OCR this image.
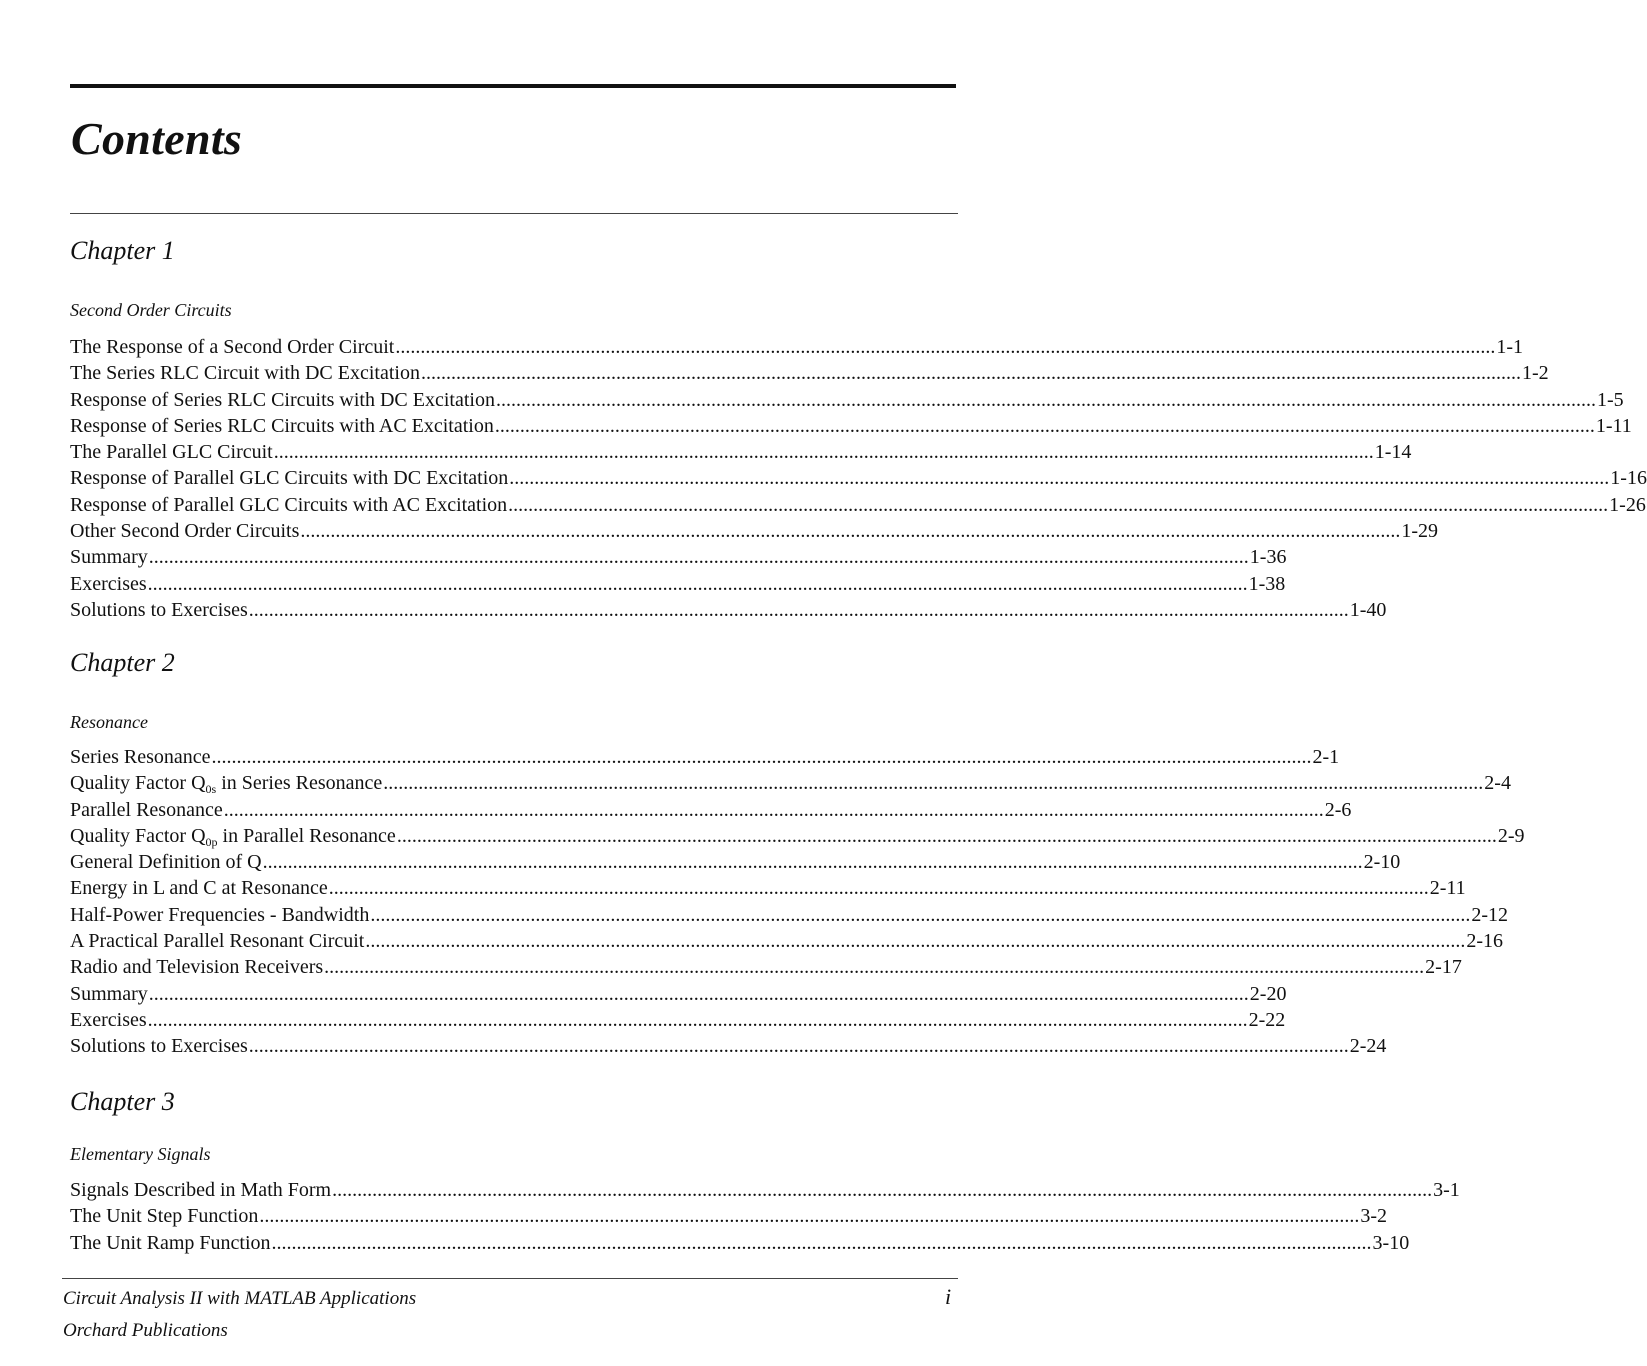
Contents
Chapter 1
Second Order Circuits
The Response of a Second Order Circuit ............................................................................................................................................................................................................................ 1-1
The Series RLC Circuit with DC Excitation ............................................................................................................................................................................................................................ 1-2
Response of Series RLC Circuits with DC Excitation ............................................................................................................................................................................................................................ 1-5
Response of Series RLC Circuits with AC Excitation ............................................................................................................................................................................................................................ 1-11
The Parallel GLC Circuit ............................................................................................................................................................................................................................ 1-14
Response of Parallel GLC Circuits with DC Excitation ............................................................................................................................................................................................................................ 1-16
Response of Parallel GLC Circuits with AC Excitation ............................................................................................................................................................................................................................ 1-26
Other Second Order Circuits ............................................................................................................................................................................................................................ 1-29
Summary ............................................................................................................................................................................................................................ 1-36
Exercises ............................................................................................................................................................................................................................ 1-38
Solutions to Exercises ............................................................................................................................................................................................................................ 1-40
Chapter 2
Resonance
Series Resonance ............................................................................................................................................................................................................................ 2-1
Quality Factor $Q_{0s}$ in Series Resonance ............................................................................................................................................................................................................................ 2-4
Parallel Resonance ............................................................................................................................................................................................................................ 2-6
Quality Factor $Q_{0p}$ in Parallel Resonance ............................................................................................................................................................................................................................ 2-9
General Definition of Q ............................................................................................................................................................................................................................ 2-10
Energy in L and C at Resonance ............................................................................................................................................................................................................................ 2-11
Half-Power Frequencies - Bandwidth ............................................................................................................................................................................................................................ 2-12
A Practical Parallel Resonant Circuit ............................................................................................................................................................................................................................ 2-16
Radio and Television Receivers ............................................................................................................................................................................................................................ 2-17
Summary ............................................................................................................................................................................................................................ 2-20
Exercises ............................................................................................................................................................................................................................ 2-22
Solutions to Exercises ............................................................................................................................................................................................................................ 2-24
Chapter 3
Elementary Signals
Signals Described in Math Form ............................................................................................................................................................................................................................ 3-1
The Unit Step Function ............................................................................................................................................................................................................................ 3-2
The Unit Ramp Function ............................................................................................................................................................................................................................ 3-10
Circuit Analysis II with MATLAB Applications	i
Orchard Publications
